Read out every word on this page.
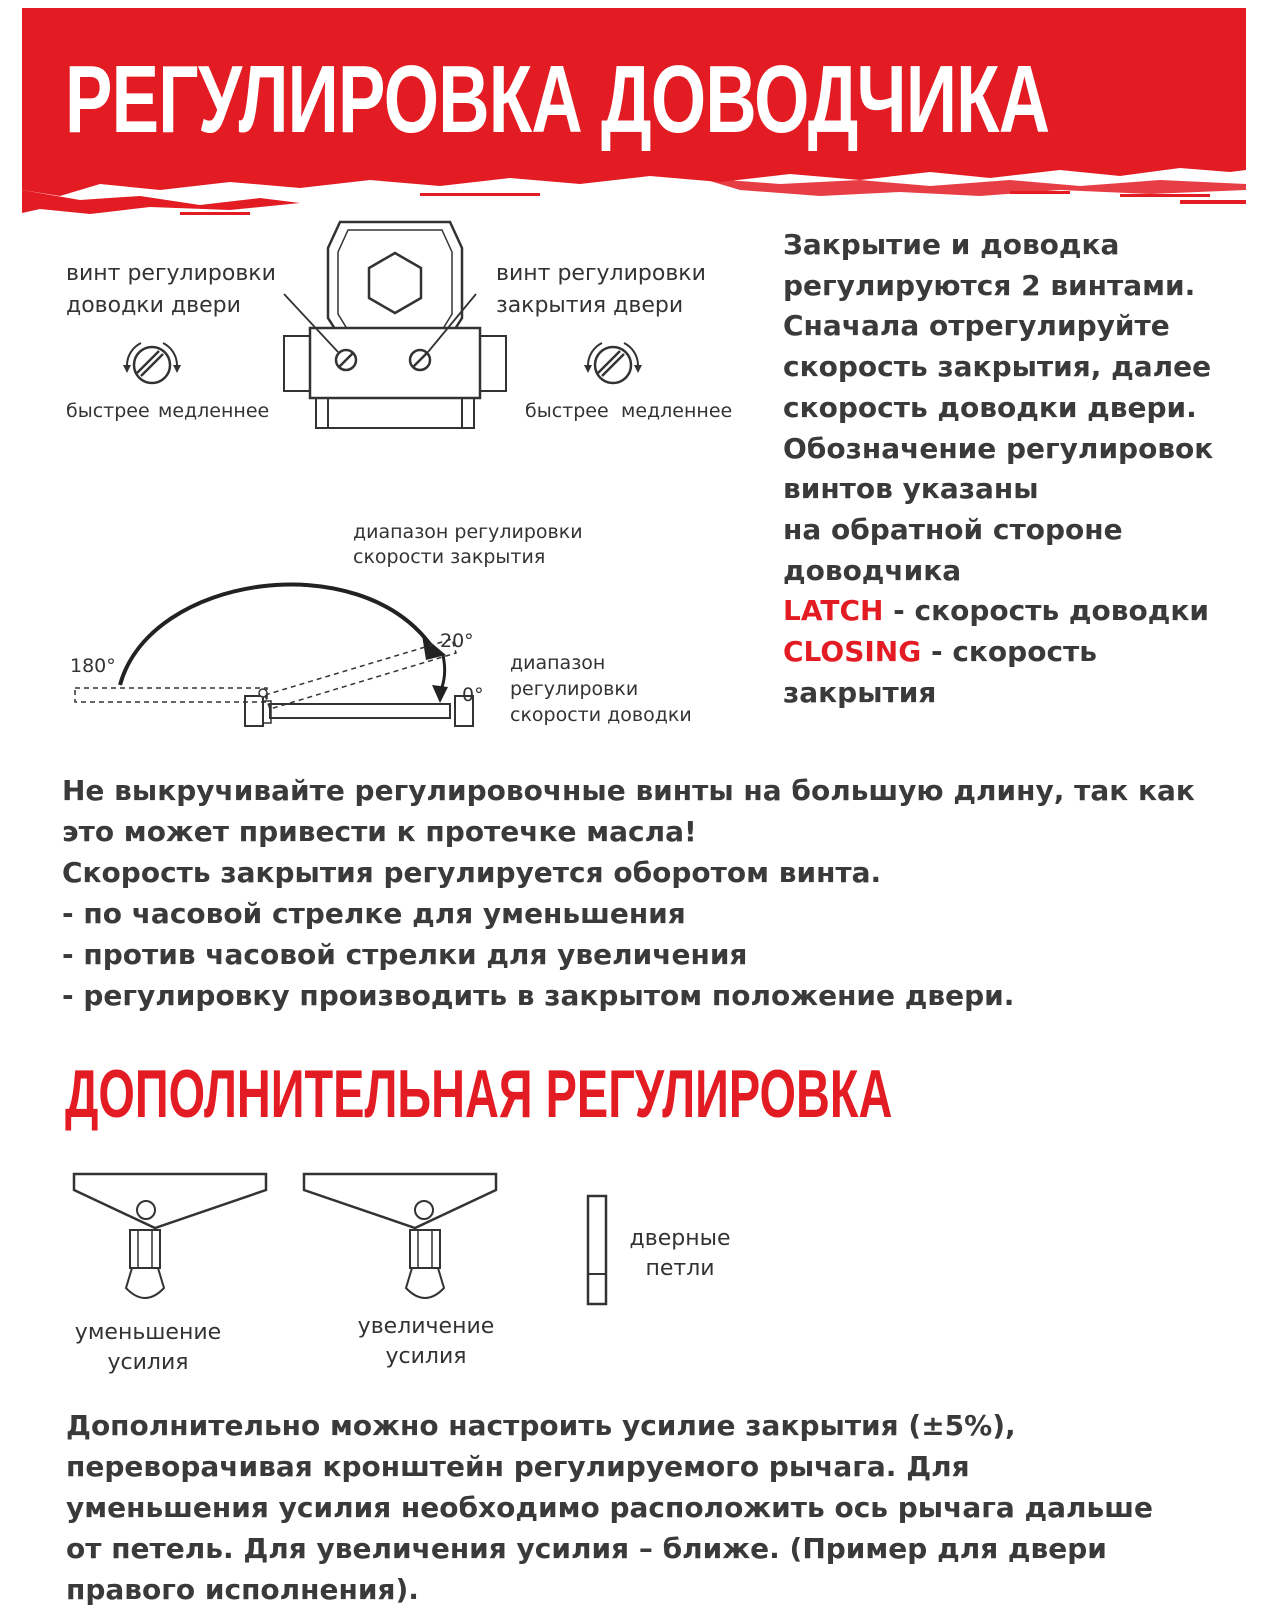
РЕГУЛИРОВКА ДОВОДЧИКА
винт регулировки
доводки двери
винт регулировки
закрытия двери
быстрее медленнее	быстрее медленнее
диапазон регулировки
скорости закрытия
180°
20°
0°
диапазон
регулировки
скорости доводки
Закрытие и доводка
регулируются 2 винтами.
Сначала отрегулируйте
скорость закрытия, далее
скорость доводки двери.
Обозначение регулировок
винтов указаны
на обратной стороне
доводчика
LATCH - скорость доводки
CLOSING - скорость
закрытия
Не выкручивайте регулировочные винты на большую длину, так как
это может привести к протечке масла!
Скорость закрытия регулируется оборотом винта.
- по часовой стрелке для уменьшения
- против часовой стрелки для увеличения
- регулировку производить в закрытом положение двери.
ДОПОЛНИТЕЛЬНАЯ РЕГУЛИРОВКА
уменьшение
усилия
увеличение
усилия
дверные
петли
Дополнительно можно настроить усилие закрытия (±5%),
переворачивая кронштейн регулируемого рычага. Для
уменьшения усилия необходимо расположить ось рычага дальше
от петель. Для увеличения усилия – ближе. (Пример для двери
правого исполнения).
